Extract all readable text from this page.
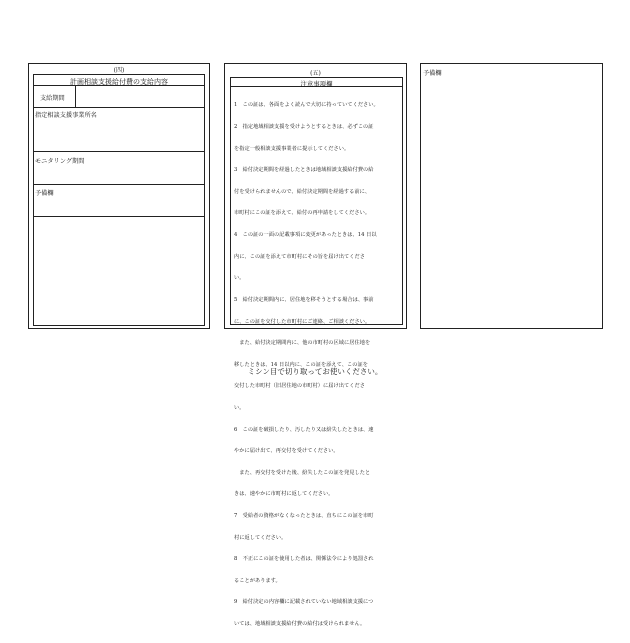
(四)
計画相談支援給付費の支給内容
支給期間
指定相談支援事業所名
モニタリング期間
予備欄
(五)
注意事項欄

1　この証は、各面をよく読んで大切に持っていてください。

2　指定地域相談支援を受けようとするときは、必ずこの証

を指定一般相談支援事業者に提示してください。

3　給付決定期間を経過したときは地域相談支援給付費の給

付を受けられませんので、給付決定期間を経過する前に、

市町村にこの証を添えて、給付の再申請をしてください。

4　この証の一面の記載事項に変更があったときは、14 日以

内に、この証を添えて市町村にその旨を届け出てくださ

い。

5　給付決定期間内に、居住地を移そうとする場合は、事前

に、この証を交付した市町村にご連絡、ご相談ください。

　また、給付決定期間内に、他の市町村の区域に居住地を

移したときは、14 日以内に、この証を添えて、この証を

交付した市町村（旧居住地の市町村）に届け出てくださ

い。

6　この証を破損したり、汚したり又は紛失したときは、速

やかに届け出て、再交付を受けてください。

　また、再交付を受けた後、紛失したこの証を発見したと

きは、速やかに市町村に返してください。

7　受給者の資格がなくなったときは、直ちにこの証を市町

村に返してください。

8　不正にこの証を使用した者は、関係法令により処罰され

ることがあります。

9　給付決定の内容欄に記載されていない地域相談支援につ

いては、地域相談支援給付費の給付は受けられません。

予備欄
ミシン目で切り取ってお使いください。
